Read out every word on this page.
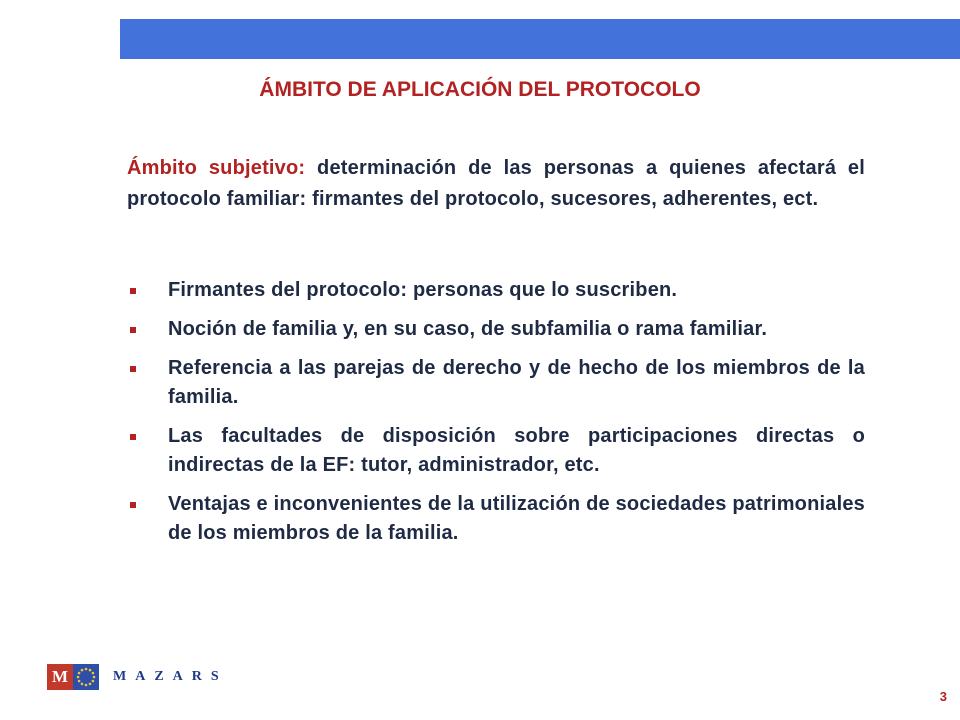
ÁMBITO DE APLICACIÓN DEL PROTOCOLO
Ámbito subjetivo: determinación de las personas a quienes afectará el protocolo familiar: firmantes del protocolo, sucesores, adherentes, ect.
Firmantes del protocolo: personas que lo suscriben.
Noción de familia y, en su caso, de subfamilia o rama familiar.
Referencia a las parejas de derecho y de hecho de los miembros de la familia.
Las facultades de disposición sobre participaciones directas o indirectas de la EF: tutor, administrador, etc.
Ventajas e inconvenientes de la utilización de sociedades patrimoniales de los miembros de la familia.
M	MAZARS
3
